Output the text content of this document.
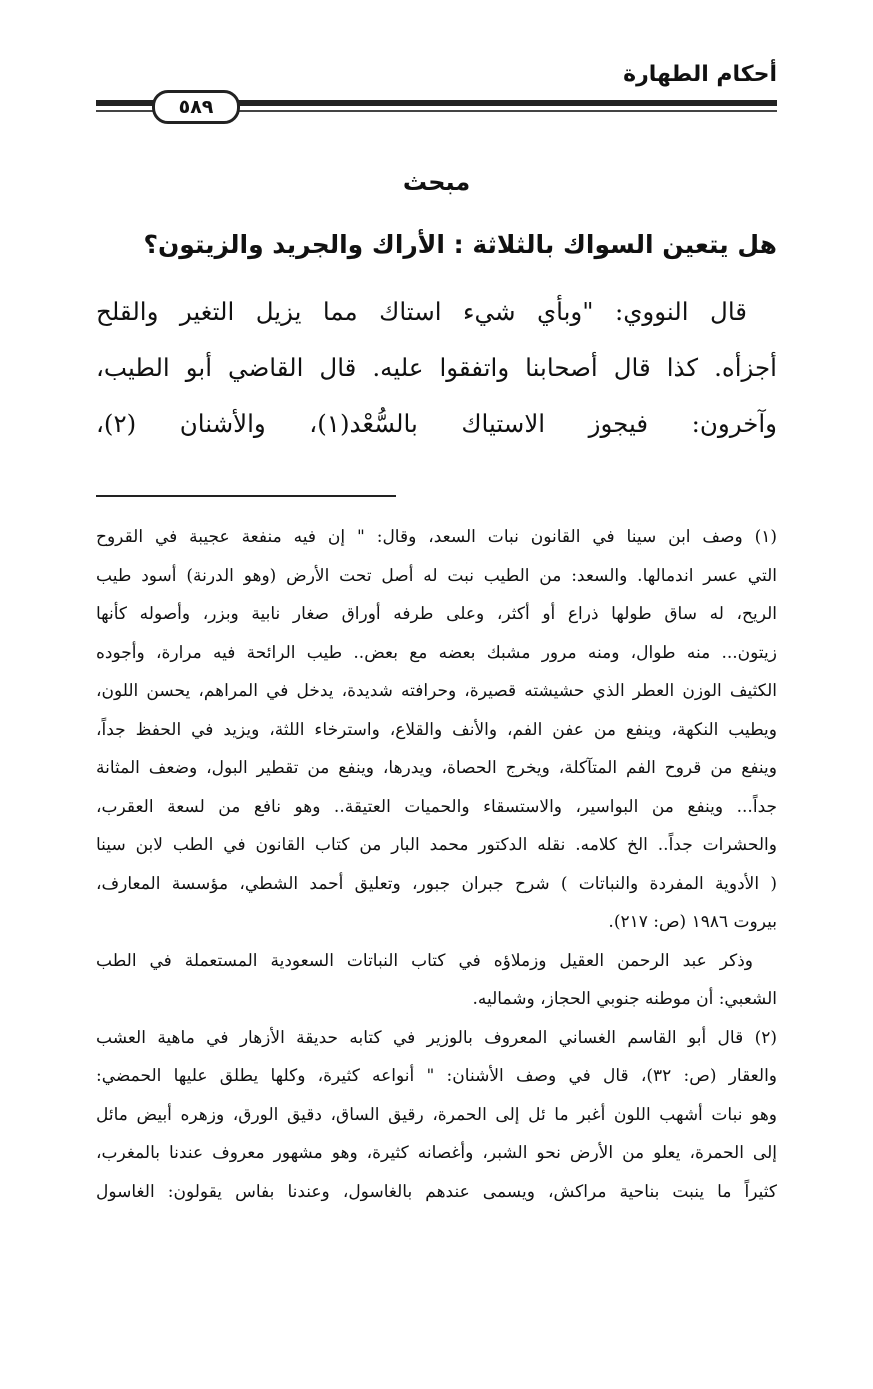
أحكام الطهارة
٥٨٩
مبحث
هل يتعين السواك بالثلاثة : الأراك والجريد والزيتون؟
قال النووي: "وبأي شيء استاك مما يزيل التغير والقلح
أجزأه. كذا قال أصحابنا واتفقوا عليه. قال القاضي أبو الطيب،
وآخرون: فيجوز الاستياك بالسُّعْد(١)، والأشنان (٢)،
(١) وصف ابن سينا في القانون نبات السعد، وقال: " إن فيه منفعة عجيبة في القروح
التي عسر اندمالها. والسعد: من الطيب نبت له أصل تحت الأرض (وهو الدرنة) أسود طيب
الريح، له ساق طولها ذراع أو أكثر، وعلى طرفه أوراق صغار نابية وبزر، وأصوله كأنها
زيتون... منه طوال، ومنه مرور مشبك بعضه مع بعض.. طيب الرائحة فيه مرارة، وأجوده
الكثيف الوزن العطر الذي حشيشته قصيرة، وحرافته شديدة، يدخل في المراهم، يحسن اللون،
ويطيب النكهة، وينفع من عفن الفم، والأنف والقلاع، واسترخاء اللثة، ويزيد في الحفظ جداً،
وينفع من قروح الفم المتآكلة، ويخرج الحصاة، ويدرها، وينفع من تقطير البول، وضعف المثانة
جداً... وينفع من البواسير، والاستسقاء والحميات العتيقة.. وهو نافع من لسعة العقرب،
والحشرات جداً.. الخ كلامه. نقله الدكتور محمد البار من كتاب القانون في الطب لابن سينا
( الأدوية المفردة والنباتات ) شرح جبران جبور، وتعليق أحمد الشطي، مؤسسة المعارف،
بيروت ١٩٨٦ (ص: ٢١٧).
وذكر عبد الرحمن العقيل وزملاؤه في كتاب النباتات السعودية المستعملة في الطب
الشعبي: أن موطنه جنوبي الحجاز، وشماليه.
(٢) قال أبو القاسم الغساني المعروف بالوزير في كتابه حديقة الأزهار في ماهية العشب
والعقار (ص: ٣٢)، قال في وصف الأشنان: " أنواعه كثيرة، وكلها يطلق عليها الحمضي:
وهو نبات أشهب اللون أغبر ما ئل إلى الحمرة، رقيق الساق، دقيق الورق، وزهره أبيض مائل
إلى الحمرة، يعلو من الأرض نحو الشبر، وأغصانه كثيرة، وهو مشهور معروف عندنا بالمغرب،
كثيراً ما ينبت بناحية مراكش، ويسمى عندهم بالغاسول، وعندنا بفاس يقولون: الغاسول
